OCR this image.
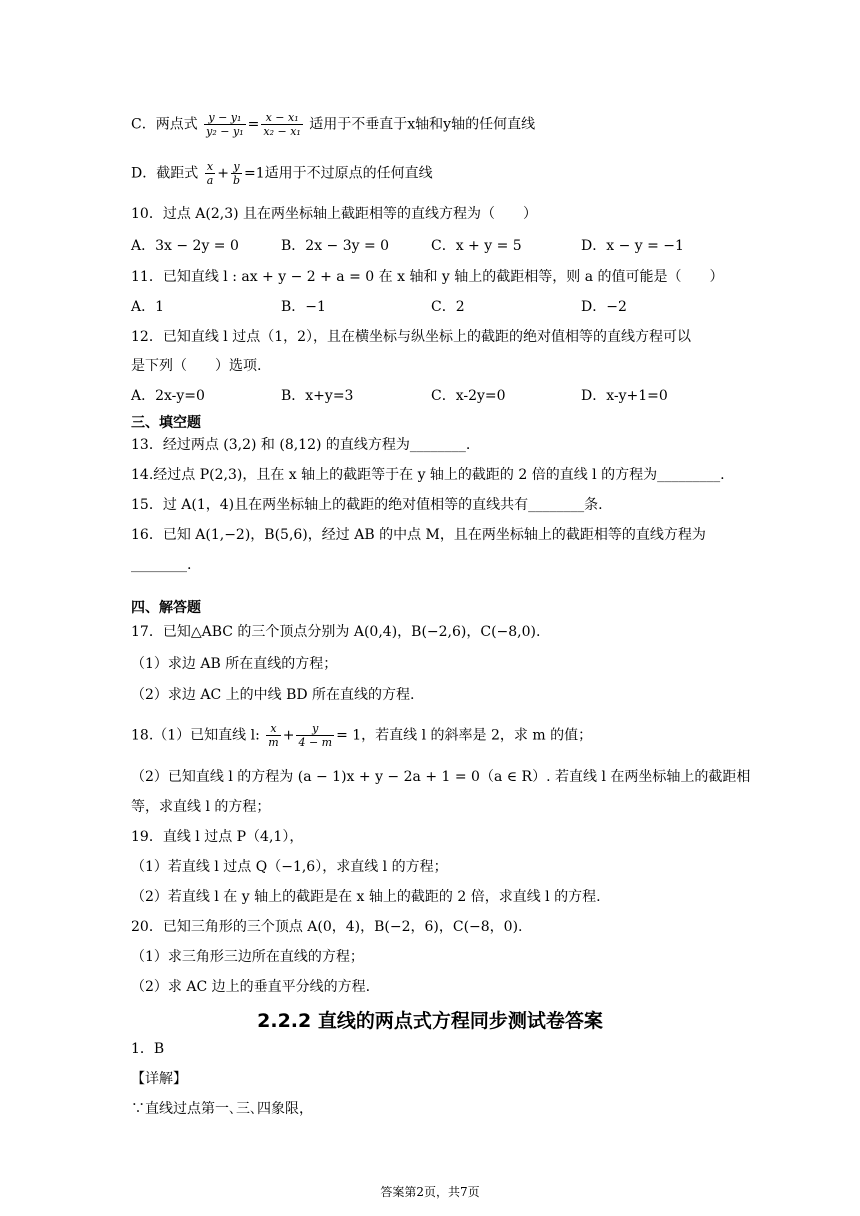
C．两点式 $\frac{\text{y − y₁}}{\text{y₂ − y₁}} = \frac{\text{x − x₁}}{\text{x₂ − x₁}}$ 适用于不垂直于x轴和y轴的任何直线
D．截距式 $\frac{x}{a} + \frac{y}{b} =1$适用于不过原点的任何直线
10．过点 A(2,3) 且在两坐标轴上截距相等的直线方程为（　　）
A．3x − 2y = 0	B．2x − 3y = 0	C．x + y = 5	D．x − y = −1
11．已知直线 l : ax + y − 2 + a = 0 在 x 轴和 y 轴上的截距相等，则 a 的值可能是（　　）
A．1	B．−1	C．2	D．−2
12．已知直线 l 过点（1，2），且在横坐标与纵坐标上的截距的绝对值相等的直线方程可以
是下列（　　）选项.
A．2x-y=0	B．x+y=3	C．x-2y=0	D．x-y+1=0
三、填空题
13．经过两点 (3,2) 和 (8,12) 的直线方程为________.
14.经过点 P(2,3)，且在 x 轴上的截距等于在 y 轴上的截距的 2 倍的直线 l 的方程为_________.
15．过 A(1，4)且在两坐标轴上的截距的绝对值相等的直线共有________条.
16．已知 A(1,−2)，B(5,6)，经过 AB 的中点 M，且在两坐标轴上的截距相等的直线方程为
________.
四、解答题
17．已知△ABC 的三个顶点分别为 A(0,4)，B(−2,6)，C(−8,0).
（1）求边 AB 所在直线的方程；
（2）求边 AC 上的中线 BD 所在直线的方程.
18.（1）已知直线 l: $\frac{x}{m} + \frac{y}{4 - m} = 1$，若直线 l 的斜率是 2，求 m 的值；
（2）已知直线 l 的方程为 (a − 1)x + y − 2a + 1 = 0（a ∈ R）. 若直线 l 在两坐标轴上的截距相
等，求直线 l 的方程；
19．直线 l 过点 P（4,1），
（1）若直线 l 过点 Q（−1,6），求直线 l 的方程；
（2）若直线 l 在 y 轴上的截距是在 x 轴上的截距的 2 倍，求直线 l 的方程.
20．已知三角形的三个顶点 A(0，4)，B(−2，6)，C(−8，0).
（1）求三角形三边所在直线的方程；
（2）求 AC 边上的垂直平分线的方程.
2.2.2 直线的两点式方程同步测试卷答案
1．B
【详解】
∵直线过点第一､三､四象限，
答案第2页，共7页
